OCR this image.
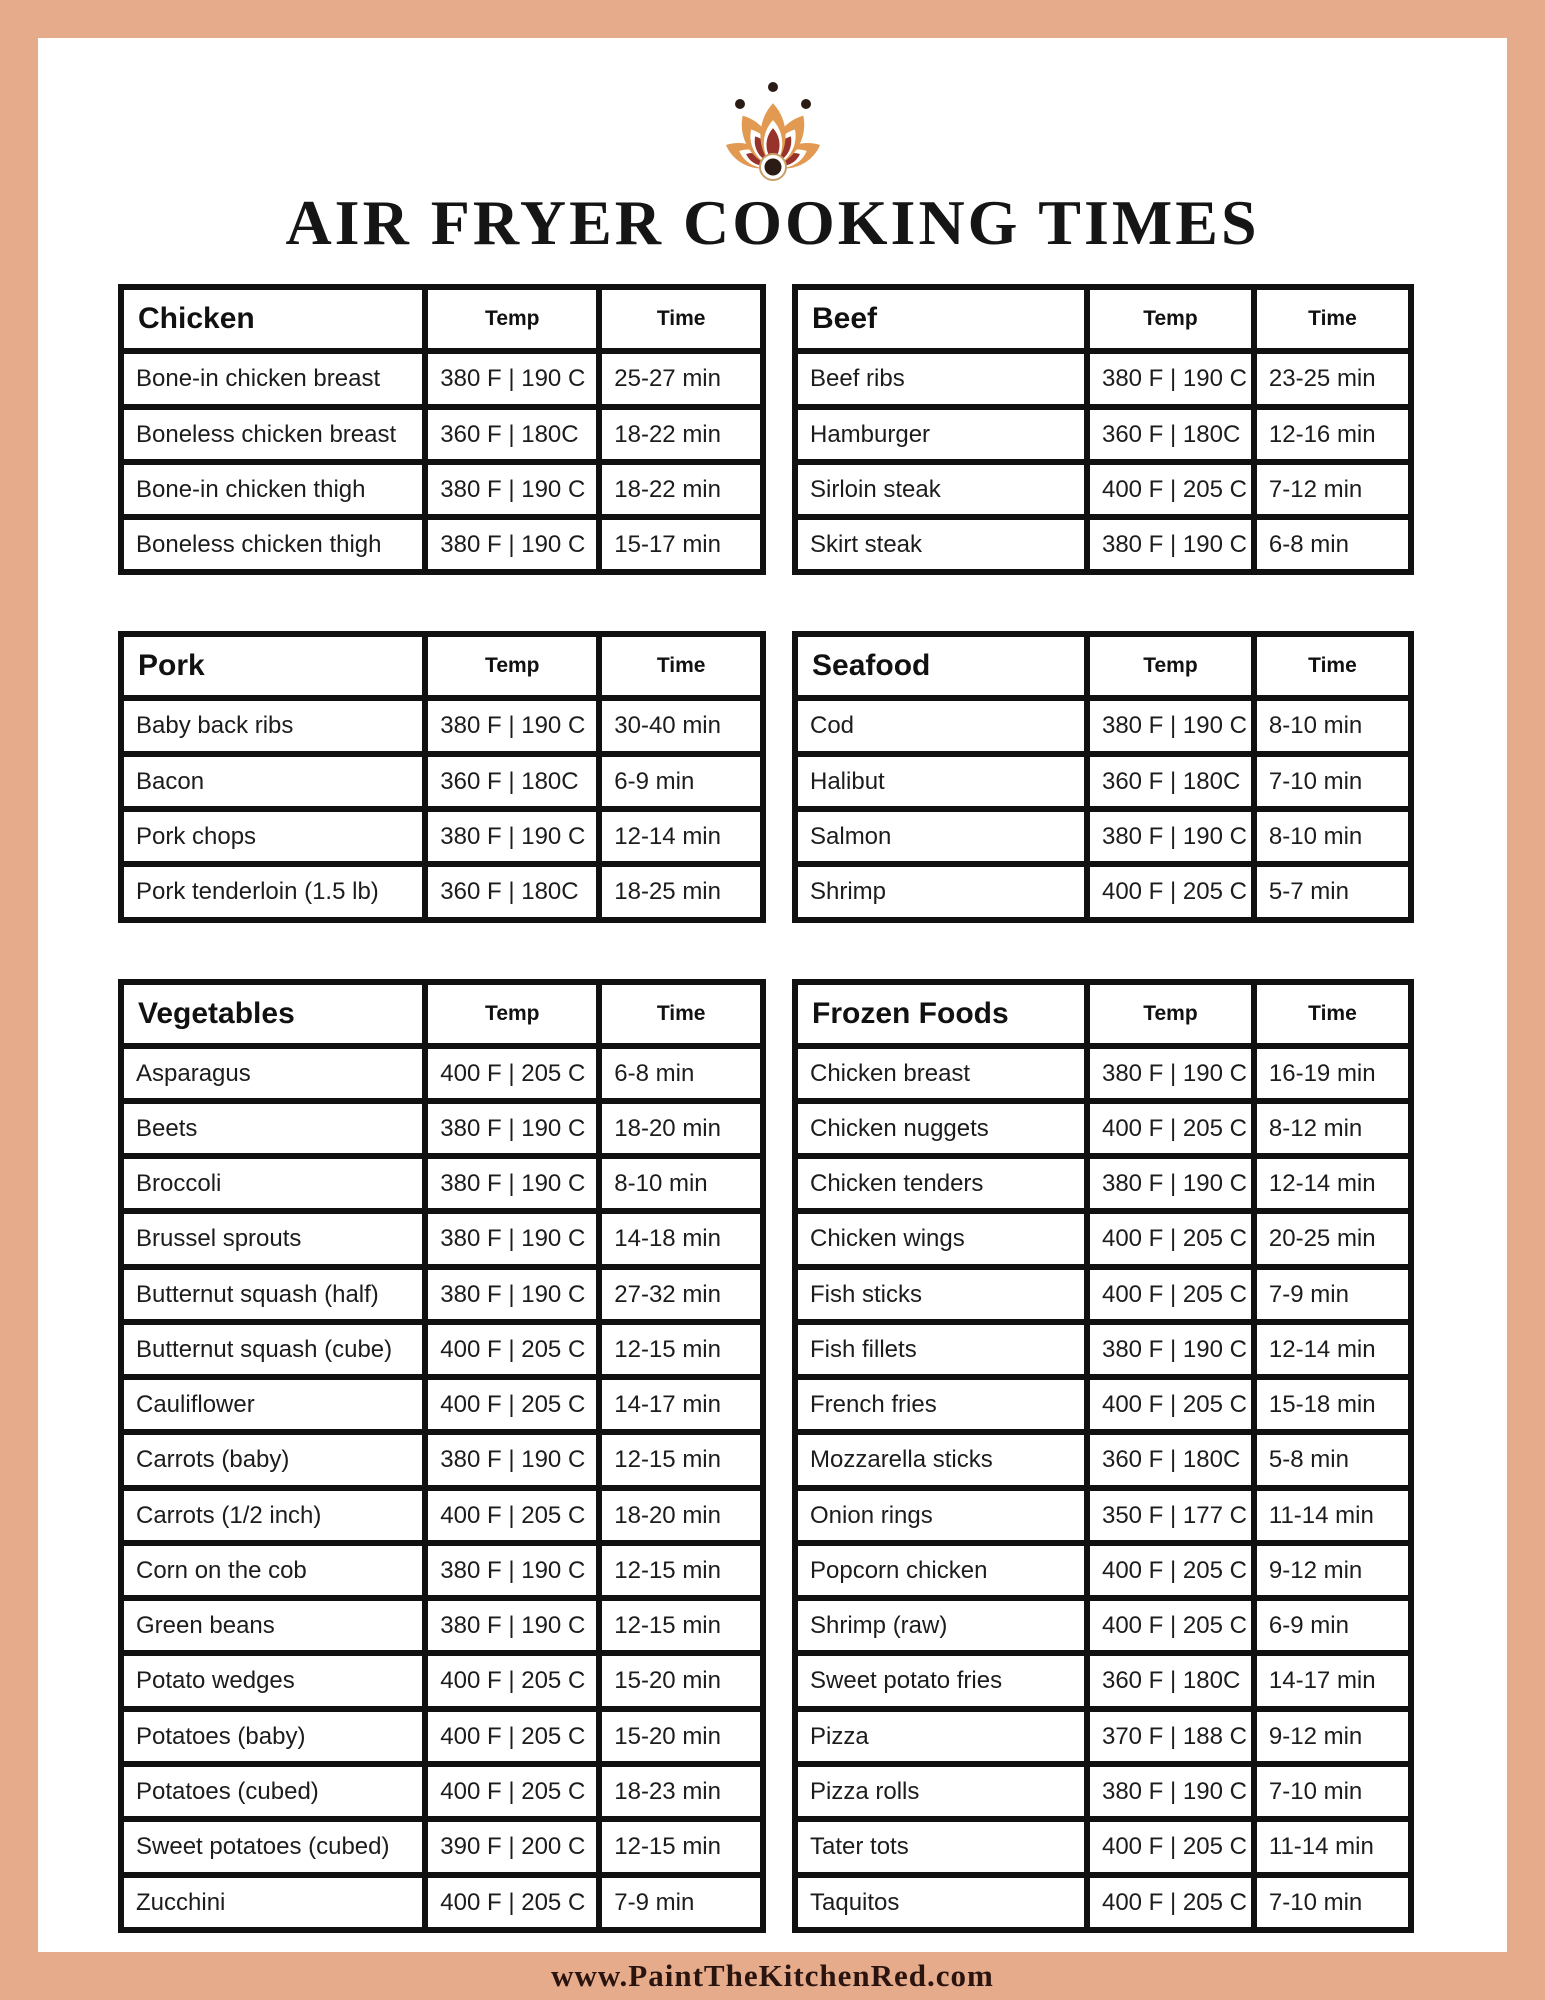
AIR FRYER COOKING TIMES
Chicken	Temp	Time
Bone-in chicken breast	380 F | 190 C	25-27 min
Boneless chicken breast	360 F | 180C	18-22 min
Bone-in chicken thigh	380 F | 190 C	18-22 min
Boneless chicken thigh	380 F | 190 C	15-17 min
Beef	Temp	Time
Beef ribs	380 F | 190 C	23-25 min
Hamburger	360 F | 180C	12-16 min
Sirloin steak	400 F | 205 C	7-12 min
Skirt steak	380 F | 190 C	6-8 min
Pork	Temp	Time
Baby back ribs	380 F | 190 C	30-40 min
Bacon	360 F | 180C	6-9 min
Pork chops	380 F | 190 C	12-14 min
Pork tenderloin (1.5 lb)	360 F | 180C	18-25 min
Seafood	Temp	Time
Cod	380 F | 190 C	8-10 min
Halibut	360 F | 180C	7-10 min
Salmon	380 F | 190 C	8-10 min
Shrimp	400 F | 205 C	5-7 min
Vegetables	Temp	Time
Asparagus	400 F | 205 C	6-8 min
Beets	380 F | 190 C	18-20 min
Broccoli	380 F | 190 C	8-10 min
Brussel sprouts	380 F | 190 C	14-18 min
Butternut squash (half)	380 F | 190 C	27-32 min
Butternut squash (cube)	400 F | 205 C	12-15 min
Cauliflower	400 F | 205 C	14-17 min
Carrots (baby)	380 F | 190 C	12-15 min
Carrots (1/2 inch)	400 F | 205 C	18-20 min
Corn on the cob	380 F | 190 C	12-15 min
Green beans	380 F | 190 C	12-15 min
Potato wedges	400 F | 205 C	15-20 min
Potatoes (baby)	400 F | 205 C	15-20 min
Potatoes (cubed)	400 F | 205 C	18-23 min
Sweet potatoes (cubed)	390 F | 200 C	12-15 min
Zucchini	400 F | 205 C	7-9 min
Frozen Foods	Temp	Time
Chicken breast	380 F | 190 C	16-19 min
Chicken nuggets	400 F | 205 C	8-12 min
Chicken tenders	380 F | 190 C	12-14 min
Chicken wings	400 F | 205 C	20-25 min
Fish sticks	400 F | 205 C	7-9 min
Fish fillets	380 F | 190 C	12-14 min
French fries	400 F | 205 C	15-18 min
Mozzarella sticks	360 F | 180C	5-8 min
Onion rings	350 F | 177 C	11-14 min
Popcorn chicken	400 F | 205 C	9-12 min
Shrimp (raw)	400 F | 205 C	6-9 min
Sweet potato fries	360 F | 180C	14-17 min
Pizza	370 F | 188 C	9-12 min
Pizza rolls	380 F | 190 C	7-10 min
Tater tots	400 F | 205 C	11-14 min
Taquitos	400 F | 205 C	7-10 min
www.PaintTheKitchenRed.com
